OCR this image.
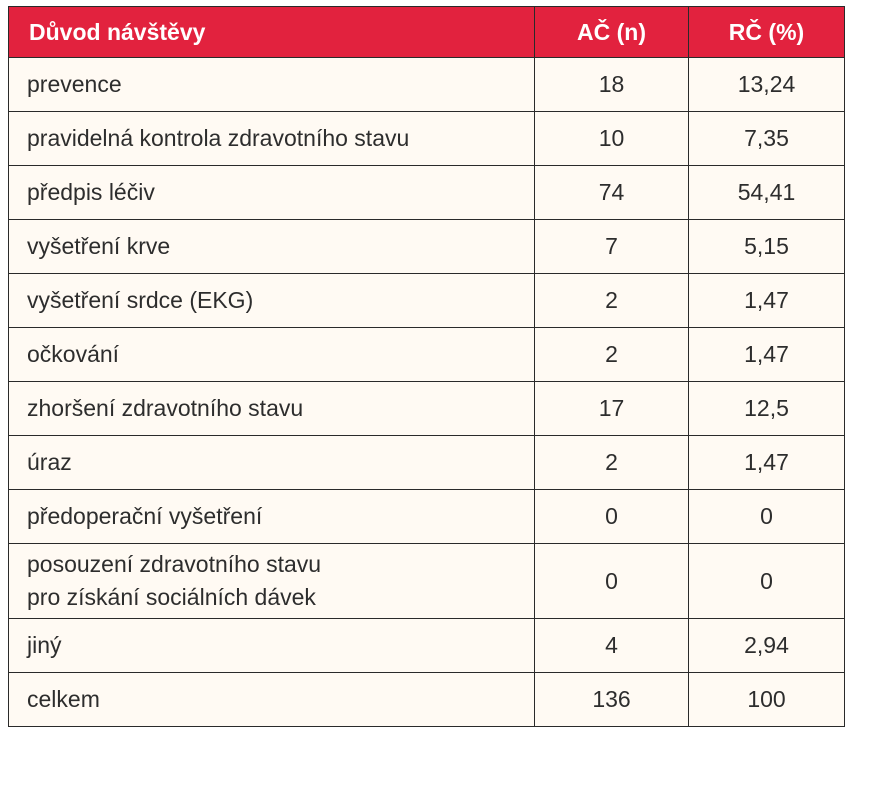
Důvod návštěvy	AČ (n)	RČ (%)
prevence	18	13,24
pravidelná kontrola zdravotního stavu	10	7,35
předpis léčiv	74	54,41
vyšetření krve	7	5,15
vyšetření srdce (EKG)	2	1,47
očkování	2	1,47
zhoršení zdravotního stavu	17	12,5
úraz	2	1,47
předoperační vyšetření	0	0
posouzení zdravotního stavu
pro získání sociálních dávek	0	0
jiný	4	2,94
celkem	136	100
